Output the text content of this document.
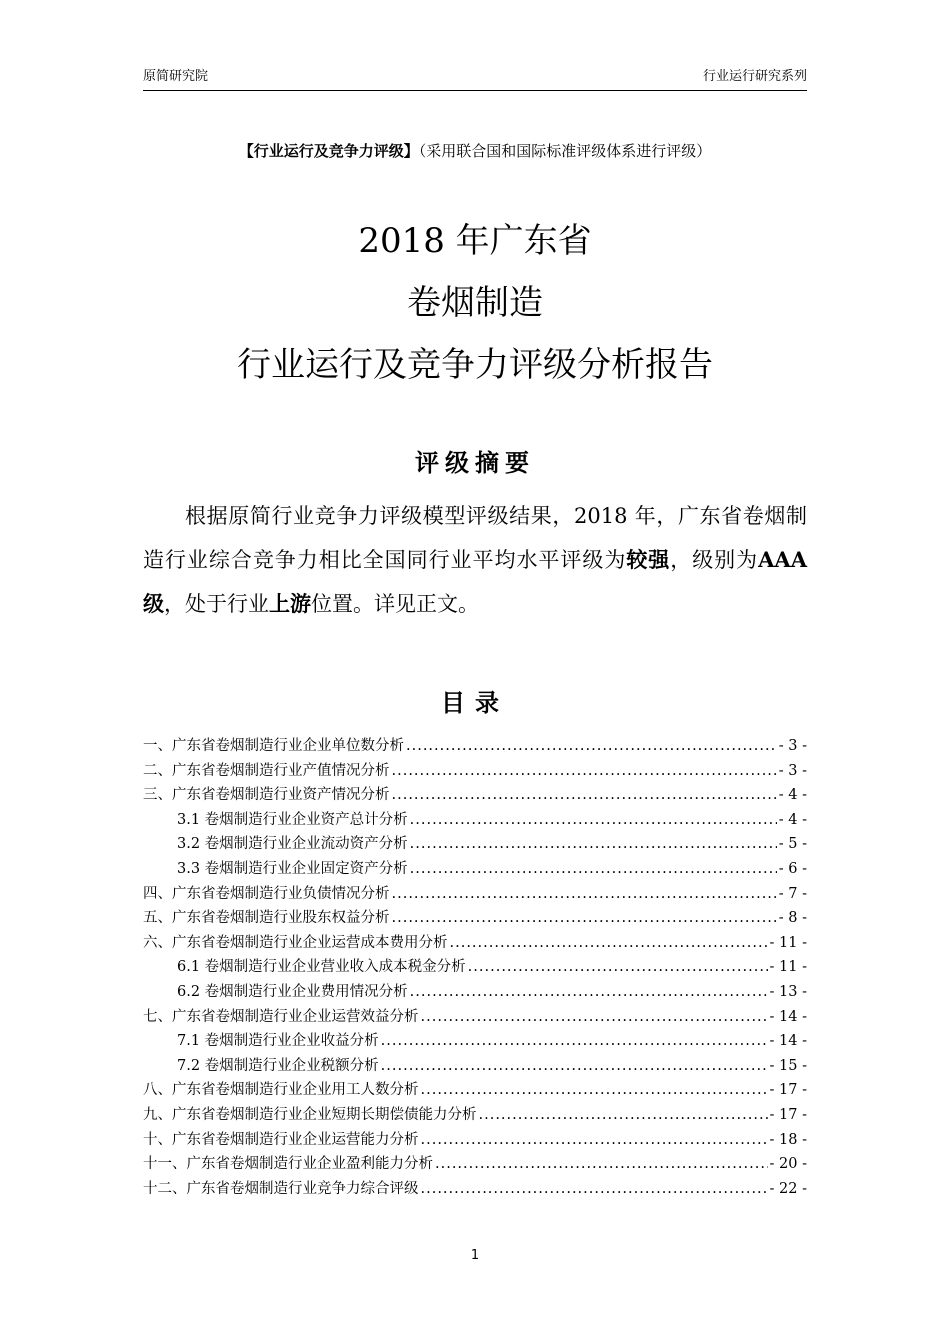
原简研究院	行业运行研究系列
【行业运行及竞争力评级】（采用联合国和国际标准评级体系进行评级）
2018 年广东省
卷烟制造
行业运行及竞争力评级分析报告
评级摘要

根据原简行业竞争力评级模型评级结果，2018 年，广东省卷烟制造行业综合竞争力相比全国同行业平均水平评级为较强，级别为AAA 级，处于行业上游位置。详见正文。

目录
一、广东省卷烟制造行业企业单位数分析 .....	- 3 -
二、广东省卷烟制造行业产值情况分析 .....	- 3 -
三、广东省卷烟制造行业资产情况分析 .....	- 4 -
3.1 卷烟制造行业企业资产总计分析 .....	- 4 -
3.2 卷烟制造行业企业流动资产分析 .....	- 5 -
3.3 卷烟制造行业企业固定资产分析 .....	- 6 -
四、广东省卷烟制造行业负债情况分析 .....	- 7 -
五、广东省卷烟制造行业股东权益分析 .....	- 8 -
六、广东省卷烟制造行业企业运营成本费用分析 .....	- 11 -
6.1 卷烟制造行业企业营业收入成本税金分析 .....	- 11 -
6.2 卷烟制造行业企业费用情况分析 .....	- 13 -
七、广东省卷烟制造行业企业运营效益分析 .....	- 14 -
7.1 卷烟制造行业企业收益分析 .....	- 14 -
7.2 卷烟制造行业企业税额分析 .....	- 15 -
八、广东省卷烟制造行业企业用工人数分析 .....	- 17 -
九、广东省卷烟制造行业企业短期长期偿债能力分析 .....	- 17 -
十、广东省卷烟制造行业企业运营能力分析 .....	- 18 -
十一、广东省卷烟制造行业企业盈利能力分析 .....	- 20 -
十二、广东省卷烟制造行业竞争力综合评级 .....	- 22 -
1
